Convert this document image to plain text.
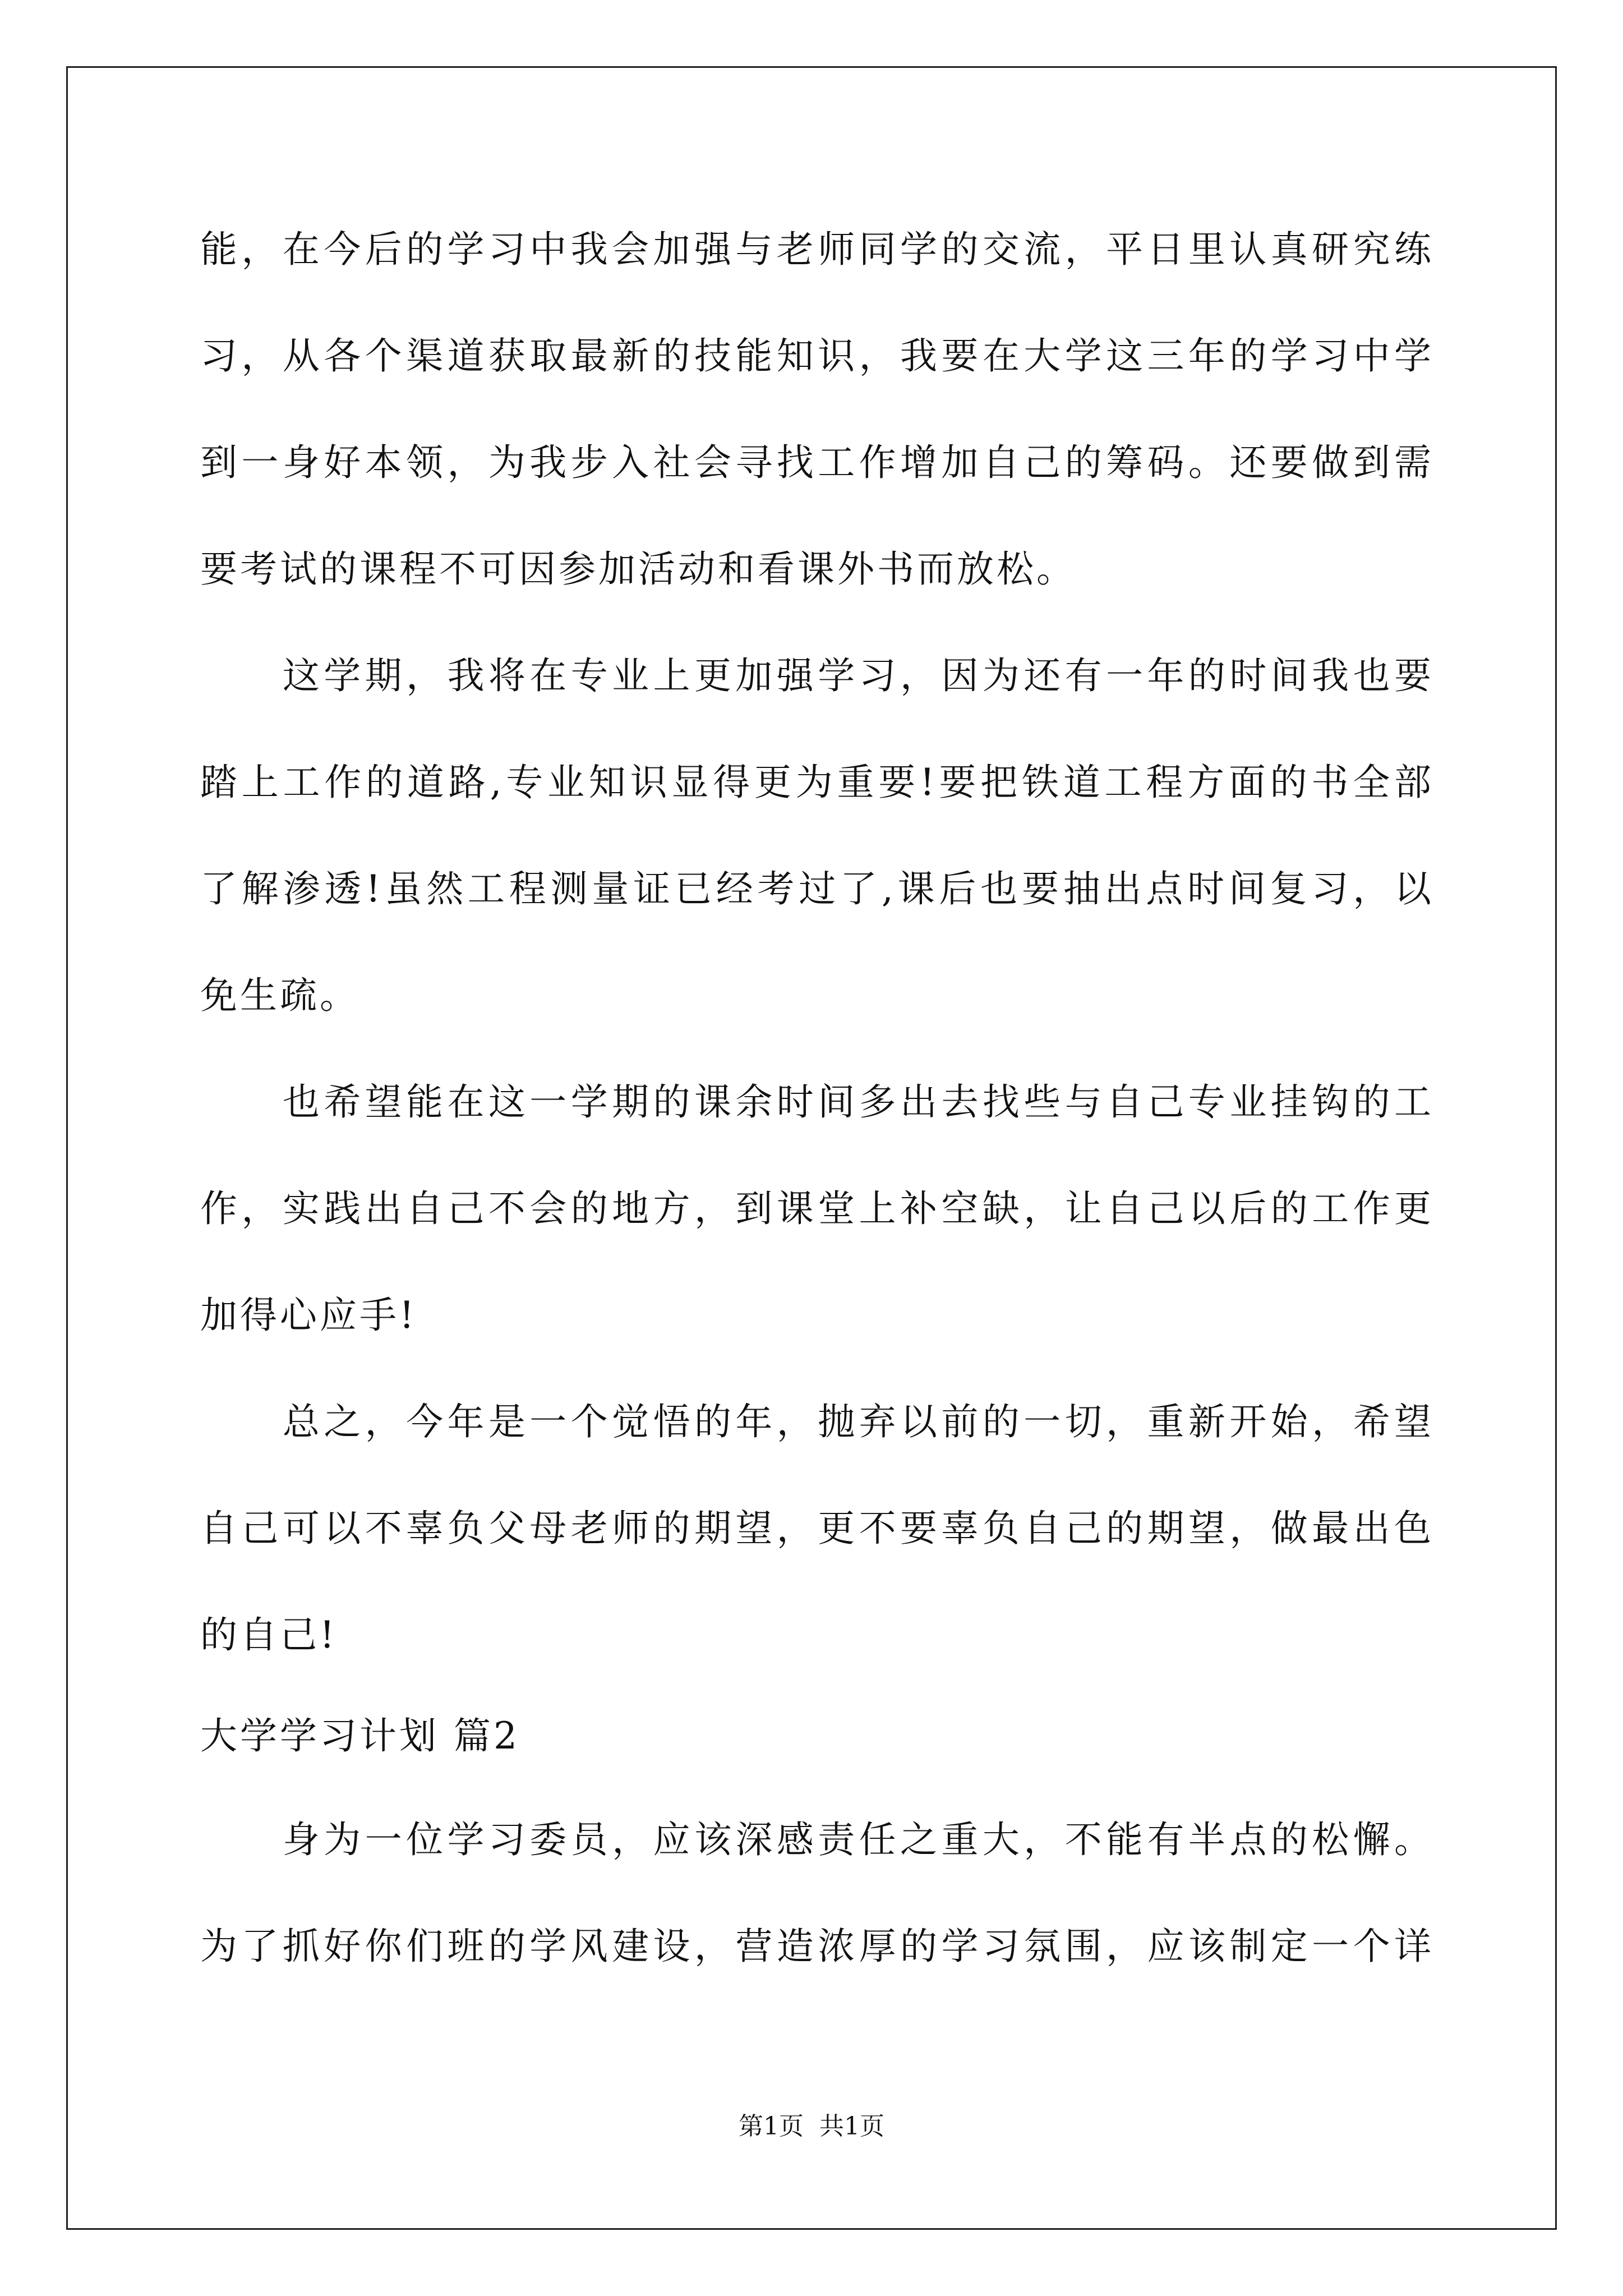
能，在今后的学习中我会加强与老师同学的交流，平日里认真研究练
习，从各个渠道获取最新的技能知识，我要在大学这三年的学习中学
到一身好本领，为我步入社会寻找工作增加自己的筹码。还要做到需
要考试的课程不可因参加活动和看课外书而放松。
　　这学期，我将在专业上更加强学习，因为还有一年的时间我也要
踏上工作的道路,专业知识显得更为重要!要把铁道工程方面的书全部
了解渗透!虽然工程测量证已经考过了,课后也要抽出点时间复习，以
免生疏。
　　也希望能在这一学期的课余时间多出去找些与自己专业挂钩的工
作，实践出自己不会的地方，到课堂上补空缺，让自己以后的工作更
加得心应手!
　　总之，今年是一个觉悟的年，抛弃以前的一切，重新开始，希望
自己可以不辜负父母老师的期望，更不要辜负自己的期望，做最出色
的自己!
大学学习计划 篇2
　　身为一位学习委员，应该深感责任之重大，不能有半点的松懈。
为了抓好你们班的学风建设，营造浓厚的学习氛围，应该制定一个详
第1页  共1页
